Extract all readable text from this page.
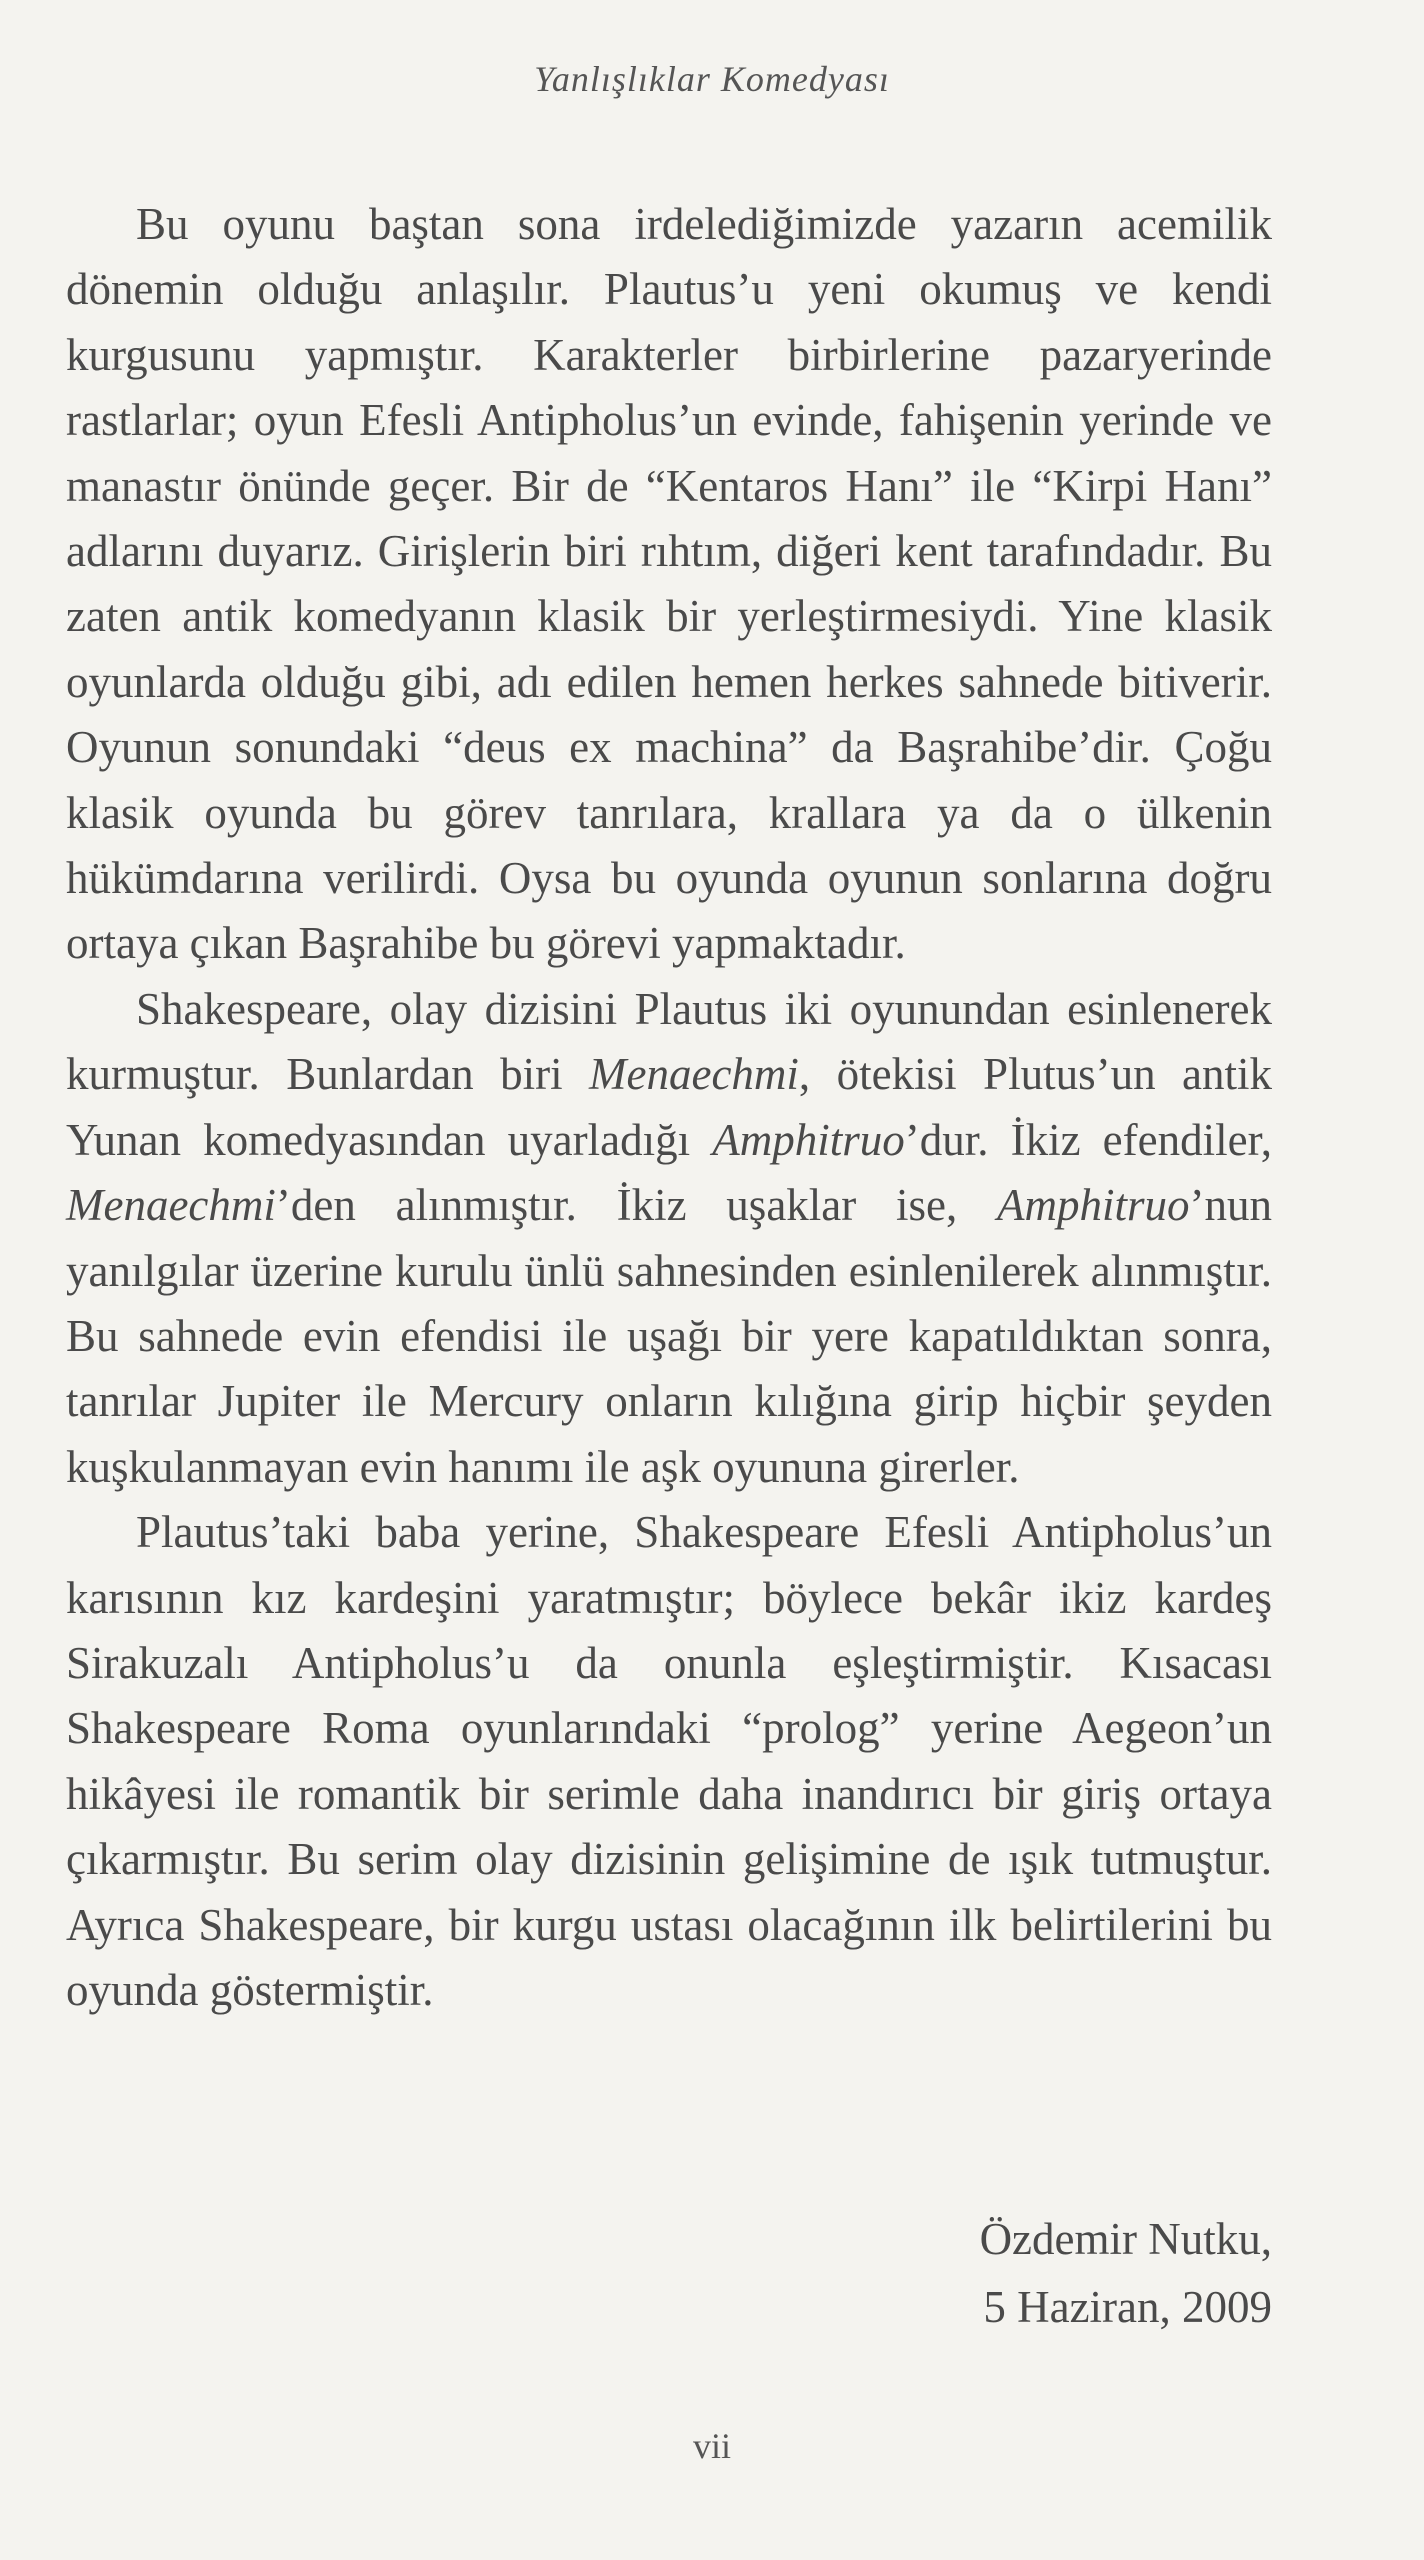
Yanlışlıklar Komedyası

Bu oyunu baştan sona irdelediğimizde yazarın acemilik dönemin olduğu anlaşılır. Plautus’u yeni okumuş ve kendi kurgusunu yapmıştır. Karakterler birbirlerine pazaryerinde rastlarlar; oyun Efesli Antipholus’un evinde, fahişenin yerinde ve manastır önünde geçer. Bir de “Kentaros Hanı” ile “Kirpi Hanı” adlarını duyarız. Girişlerin biri rıhtım, diğeri kent tarafındadır. Bu zaten antik komedyanın klasik bir yerleştirmesiydi. Yine klasik oyunlarda olduğu gibi, adı edilen hemen herkes sahnede bitiverir. Oyunun sonundaki “deus ex machina” da Başrahibe’dir. Çoğu klasik oyunda bu görev tanrılara, krallara ya da o ülkenin hükümdarına verilirdi. Oysa bu oyunda oyunun sonlarına doğru ortaya çıkan Başrahibe bu görevi yapmaktadır.

Shakespeare, olay dizisini Plautus iki oyunundan esinlenerek kurmuştur. Bunlardan biri Menaechmi, ötekisi Plutus’un antik Yunan komedyasından uyarladığı Amphitruo’dur. İkiz efendiler, Menaechmi’den alınmıştır. İkiz uşaklar ise, Amphitruo’nun yanılgılar üzerine kurulu ünlü sahnesinden esinlenilerek alınmıştır. Bu sahnede evin efendisi ile uşağı bir yere kapatıldıktan sonra, tanrılar Jupiter ile Mercury onların kılığına girip hiçbir şeyden kuşkulanmayan evin hanımı ile aşk oyununa girerler.

Plautus’taki baba yerine, Shakespeare Efesli Antipholus’un karısının kız kardeşini yaratmıştır; böylece bekâr ikiz kardeş Sirakuzalı Antipholus’u da onunla eşleştirmiştir. Kısacası Shakespeare Roma oyunlarındaki “prolog” yerine Aegeon’un hikâyesi ile romantik bir serimle daha inandırıcı bir giriş ortaya çıkarmıştır. Bu serim olay dizisinin gelişimine de ışık tutmuştur. Ayrıca Shakespeare, bir kurgu ustası olacağının ilk belirtilerini bu oyunda göstermiştir.

Özdemir Nutku,
5 Haziran, 2009
vii
